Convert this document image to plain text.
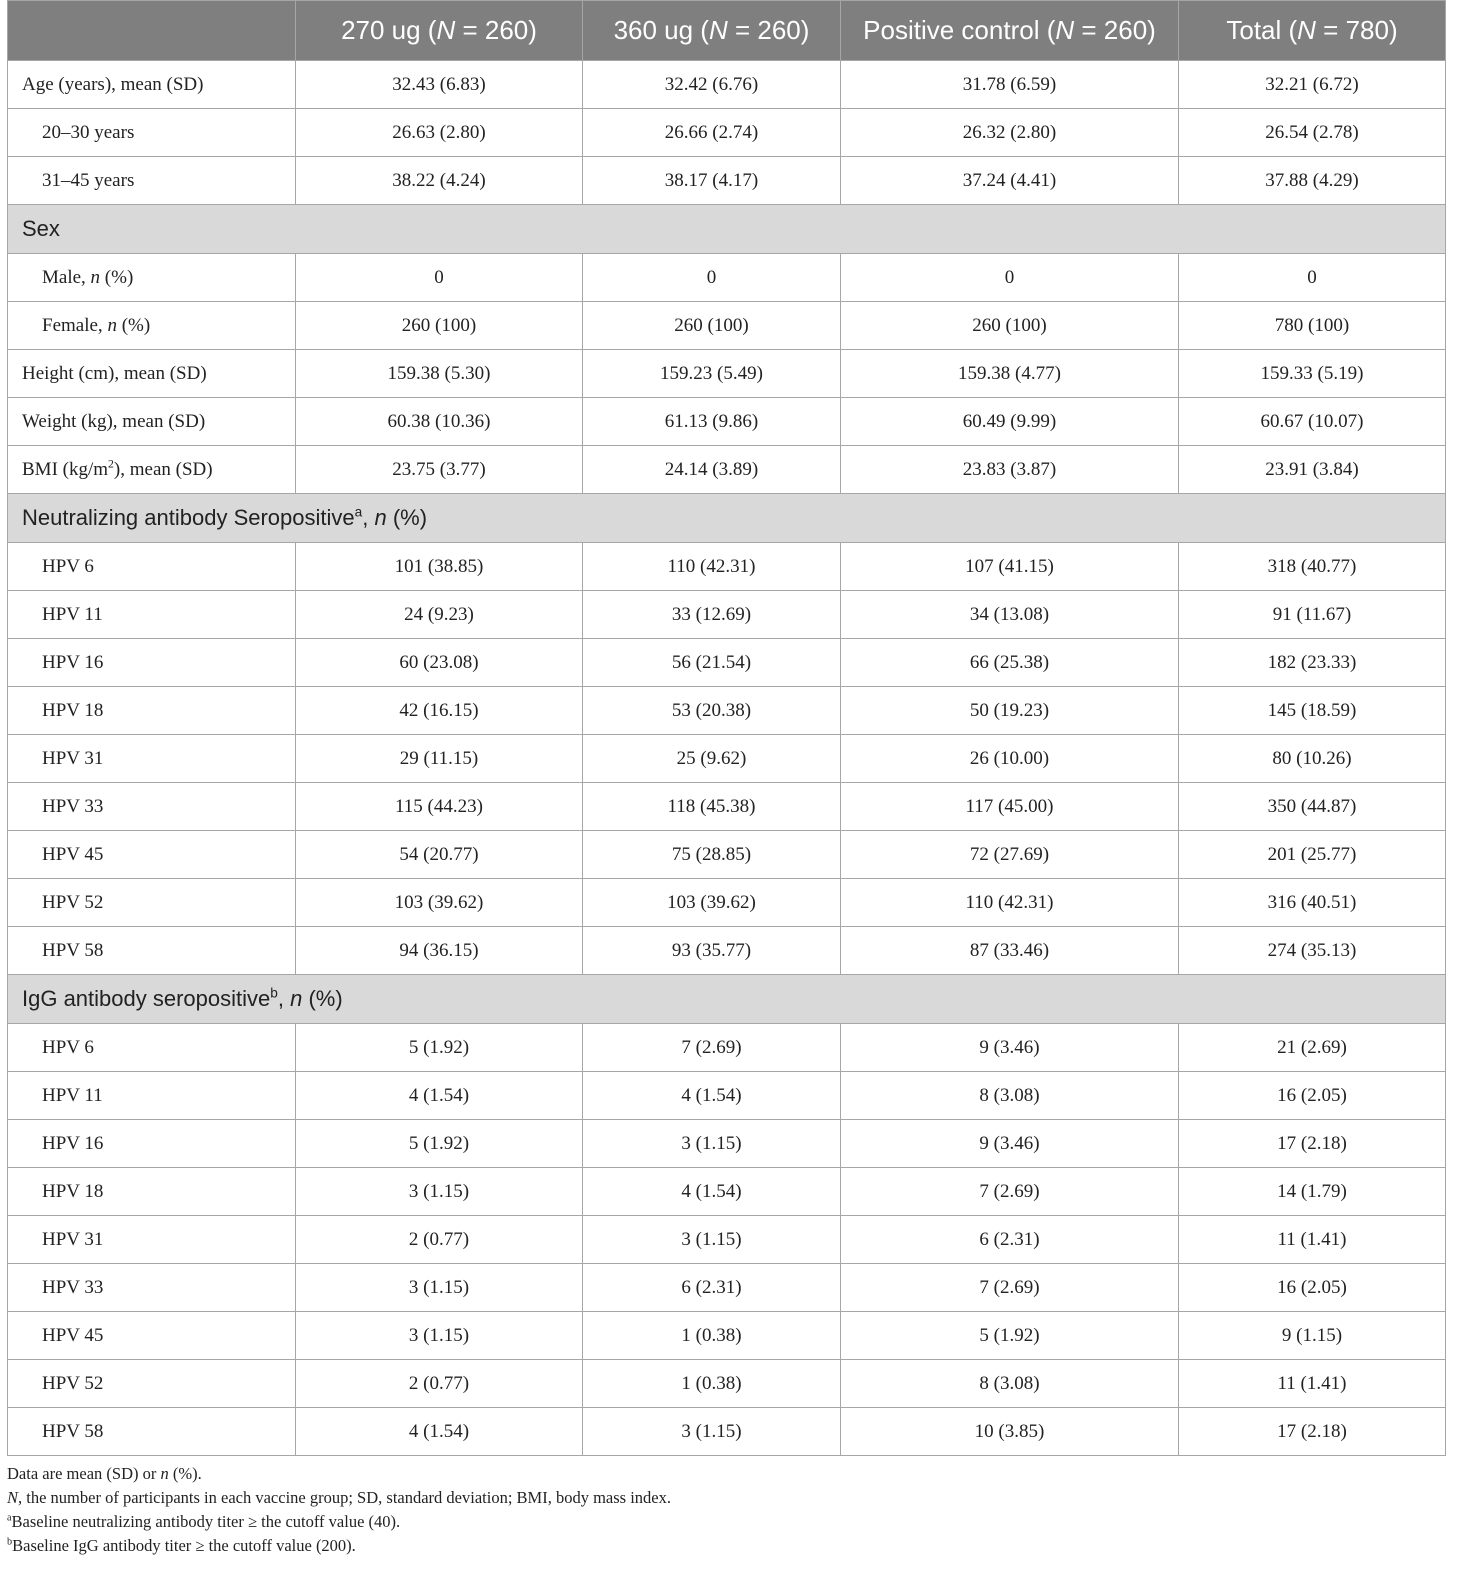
	270 ug (N = 260)	360 ug (N = 260)	Positive control (N = 260)	Total (N = 780)
Age (years), mean (SD)	32.43 (6.83)	32.42 (6.76)	31.78 (6.59)	32.21 (6.72)
20–30 years	26.63 (2.80)	26.66 (2.74)	26.32 (2.80)	26.54 (2.78)
31–45 years	38.22 (4.24)	38.17 (4.17)	37.24 (4.41)	37.88 (4.29)
Sex				
Male, n (%)	0	0	0	0
Female, n (%)	260 (100)	260 (100)	260 (100)	780 (100)
Height (cm), mean (SD)	159.38 (5.30)	159.23 (5.49)	159.38 (4.77)	159.33 (5.19)
Weight (kg), mean (SD)	60.38 (10.36)	61.13 (9.86)	60.49 (9.99)	60.67 (10.07)
BMI $(kg/m^2)$, mean (SD)	23.75 (3.77)	24.14 (3.89)	23.83 (3.87)	23.91 (3.84)
Neutralizing antibody Seropositive$^a$, n (%)				
HPV 6	101 (38.85)	110 (42.31)	107 (41.15)	318 (40.77)
HPV 11	24 (9.23)	33 (12.69)	34 (13.08)	91 (11.67)
HPV 16	60 (23.08)	56 (21.54)	66 (25.38)	182 (23.33)
HPV 18	42 (16.15)	53 (20.38)	50 (19.23)	145 (18.59)
HPV 31	29 (11.15)	25 (9.62)	26 (10.00)	80 (10.26)
HPV 33	115 (44.23)	118 (45.38)	117 (45.00)	350 (44.87)
HPV 45	54 (20.77)	75 (28.85)	72 (27.69)	201 (25.77)
HPV 52	103 (39.62)	103 (39.62)	110 (42.31)	316 (40.51)
HPV 58	94 (36.15)	93 (35.77)	87 (33.46)	274 (35.13)
IgG antibody seropositive$^b$, n (%)				
HPV 6	5 (1.92)	7 (2.69)	9 (3.46)	21 (2.69)
HPV 11	4 (1.54)	4 (1.54)	8 (3.08)	16 (2.05)
HPV 16	5 (1.92)	3 (1.15)	9 (3.46)	17 (2.18)
HPV 18	3 (1.15)	4 (1.54)	7 (2.69)	14 (1.79)
HPV 31	2 (0.77)	3 (1.15)	6 (2.31)	11 (1.41)
HPV 33	3 (1.15)	6 (2.31)	7 (2.69)	16 (2.05)
HPV 45	3 (1.15)	1 (0.38)	5 (1.92)	9 (1.15)
HPV 52	2 (0.77)	1 (0.38)	8 (3.08)	11 (1.41)
HPV 58	4 (1.54)	3 (1.15)	10 (3.85)	17 (2.18)
Data are mean (SD) or n (%).
N, the number of participants in each vaccine group; SD, standard deviation; BMI, body mass index.
$^a$Baseline neutralizing antibody titer ≥ the cutoff value (40).
$^b$Baseline IgG antibody titer ≥ the cutoff value (200).
